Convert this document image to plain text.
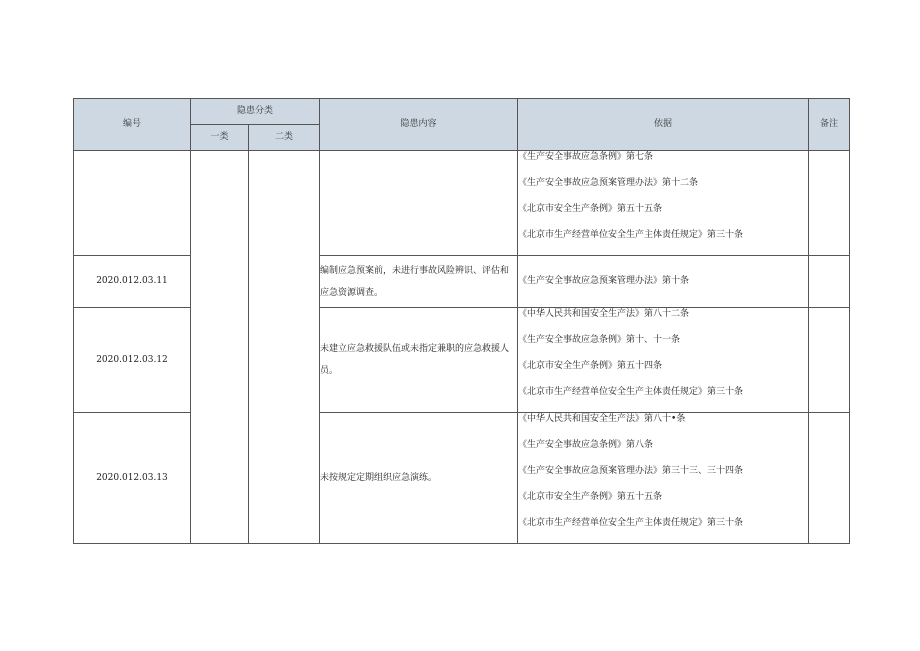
编号	隐患分类		隐患内容	依据	备注
	一类	二类			

				《生产安全事故应急条例》第七条
《生产安全事故应急预案管理办法》第十二条
《北京市安全生产条例》第五十五条
《北京市生产经营单位安全生产主体责任规定》第三十条	

2020.012.03.11			编制应急预案前，未进行事故风险辨识、评估和应急资源调查。	《生产安全事故应急预案管理办法》第十条	

2020.012.03.12			未建立应急救援队伍或未指定兼职的应急救援人员。	《中华人民共和国安全生产法》第八十二条
《生产安全事故应急条例》第十、十一条
《北京市安全生产条例》第五十四条
《北京市生产经营单位安全生产主体责任规定》第三十条	

2020.012.03.13			未按规定定期组织应急演练。	《中华人民共和国安全生产法》第八十•条
《生产安全事故应急条例》第八条
《生产安全事故应急预案管理办法》第三十三、三十四条
《北京市安全生产条例》第五十五条
《北京市生产经营单位安全生产主体责任规定》第三十条	
